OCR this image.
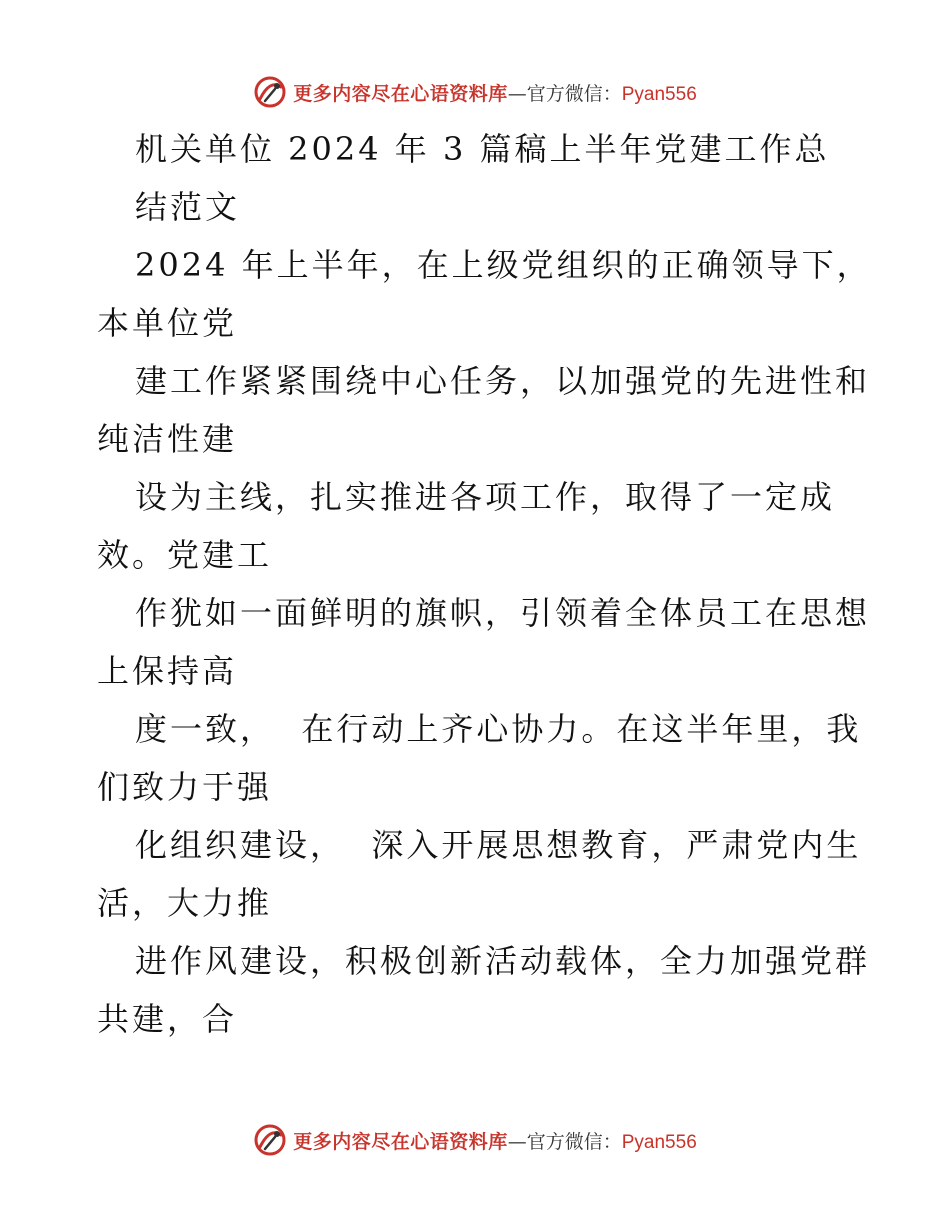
更多内容尽在心语资料库 — 官方微信： Pyan556
机关单位 2024 年 3 篇稿上半年党建工作总
结范文
2024 年上半年，在上级党组织的正确领导下，
本单位党
建工作紧紧围绕中心任务，以加强党的先进性和
纯洁性建
设为主线，扎实推进各项工作，取得了一定成
效。党建工
作犹如一面鲜明的旗帜，引领着全体员工在思想
上保持高
度一致，  在行动上齐心协力。在这半年里，我
们致力于强
化组织建设，  深入开展思想教育，严肃党内生
活，大力推
进作风建设，积极创新活动载体，全力加强党群
共建，合
更多内容尽在心语资料库 — 官方微信： Pyan556
